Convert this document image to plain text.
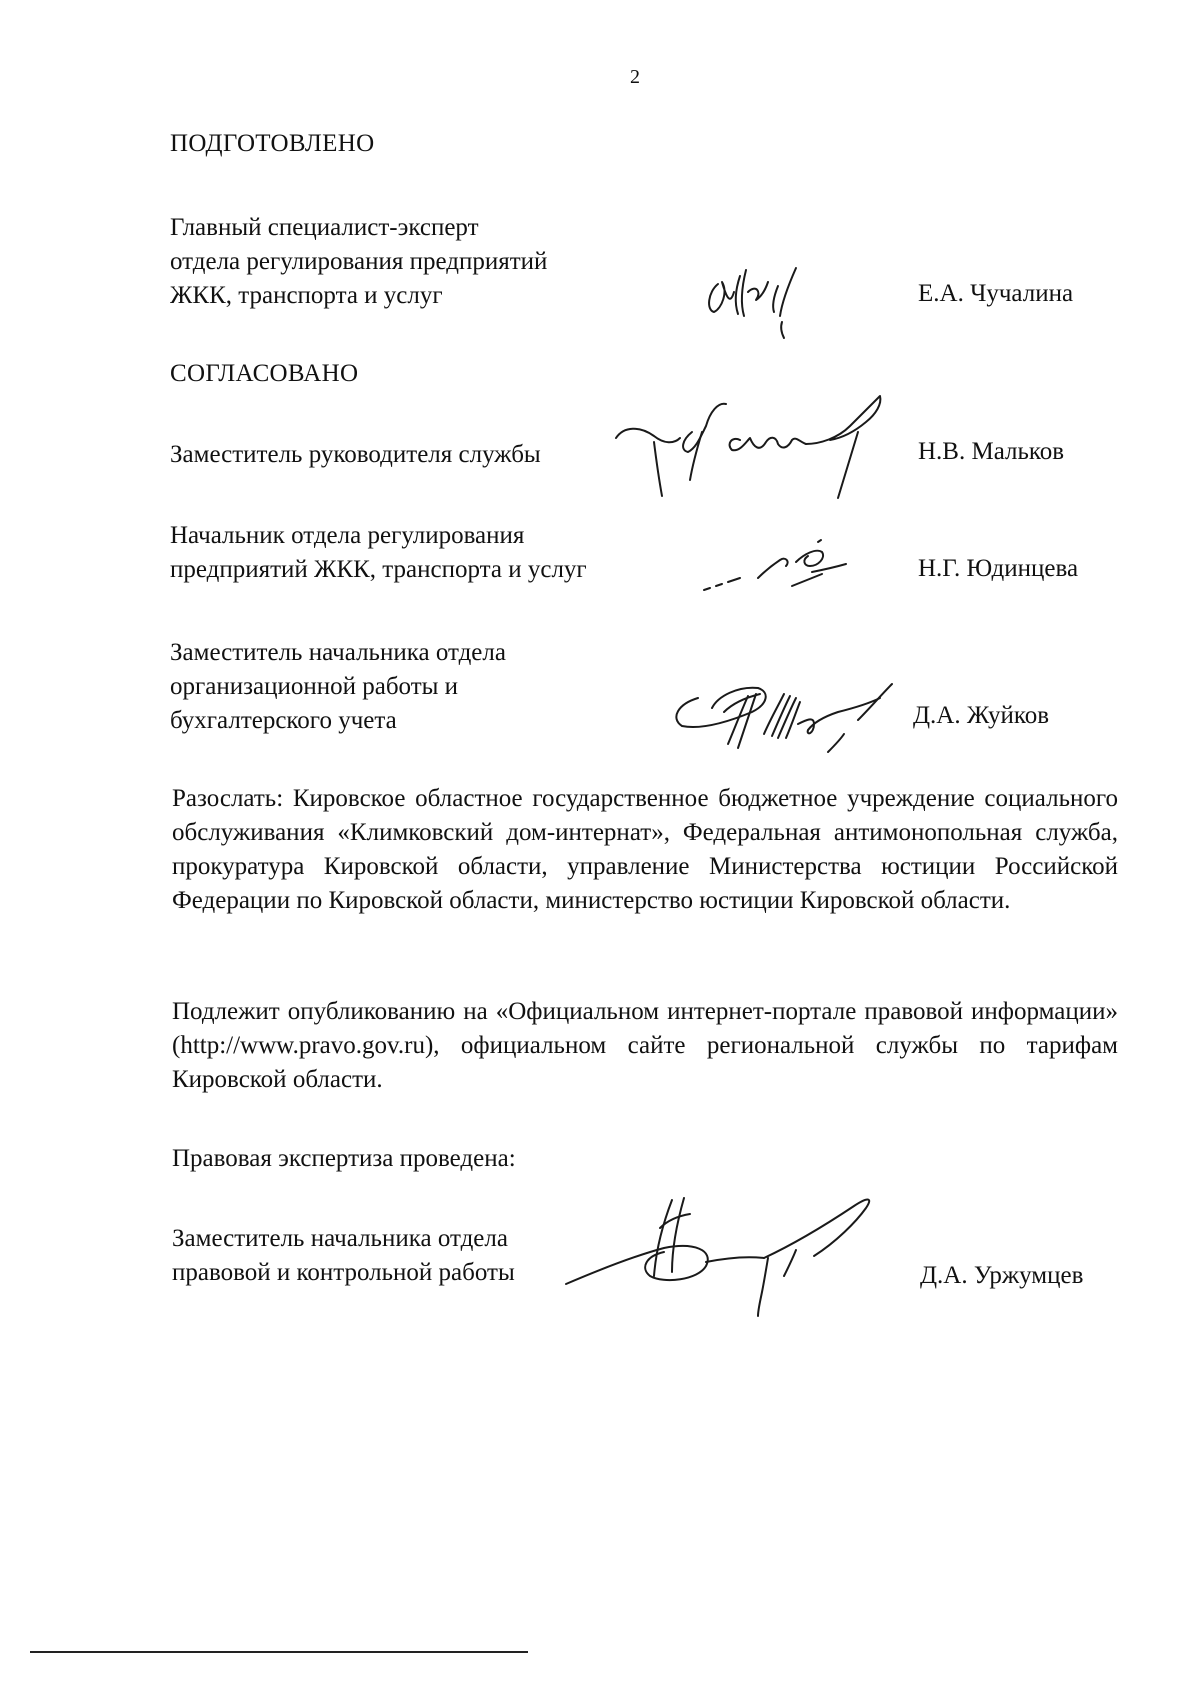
2
ПОДГОТОВЛЕНО
Главный специалист-эксперт
отдела регулирования предприятий
ЖКК, транспорта и услуг	Е.А. Чучалина
СОГЛАСОВАНО
Заместитель руководителя службы	Н.В. Мальков
Начальник отдела регулирования
предприятий ЖКК, транспорта и услуг	Н.Г. Юдинцева
Заместитель начальника отдела
организационной работы и
бухгалтерского учета	Д.А. Жуйков

Разослать: Кировское областное государственное бюджетное учреждение социального обслуживания «Климковский дом-интернат», Федеральная антимонопольная служба, прокуратура Кировской области, управление Министерства юстиции Российской Федерации по Кировской области, министерство юстиции Кировской области.

Подлежит опубликованию на «Официальном интернет-портале правовой информации» (http://www.pravo.gov.ru), официальном сайте региональной службы по тарифам Кировской области.

Правовая экспертиза проведена:
Заместитель начальника отдела
правовой и контрольной работы	Д.А. Уржумцев
